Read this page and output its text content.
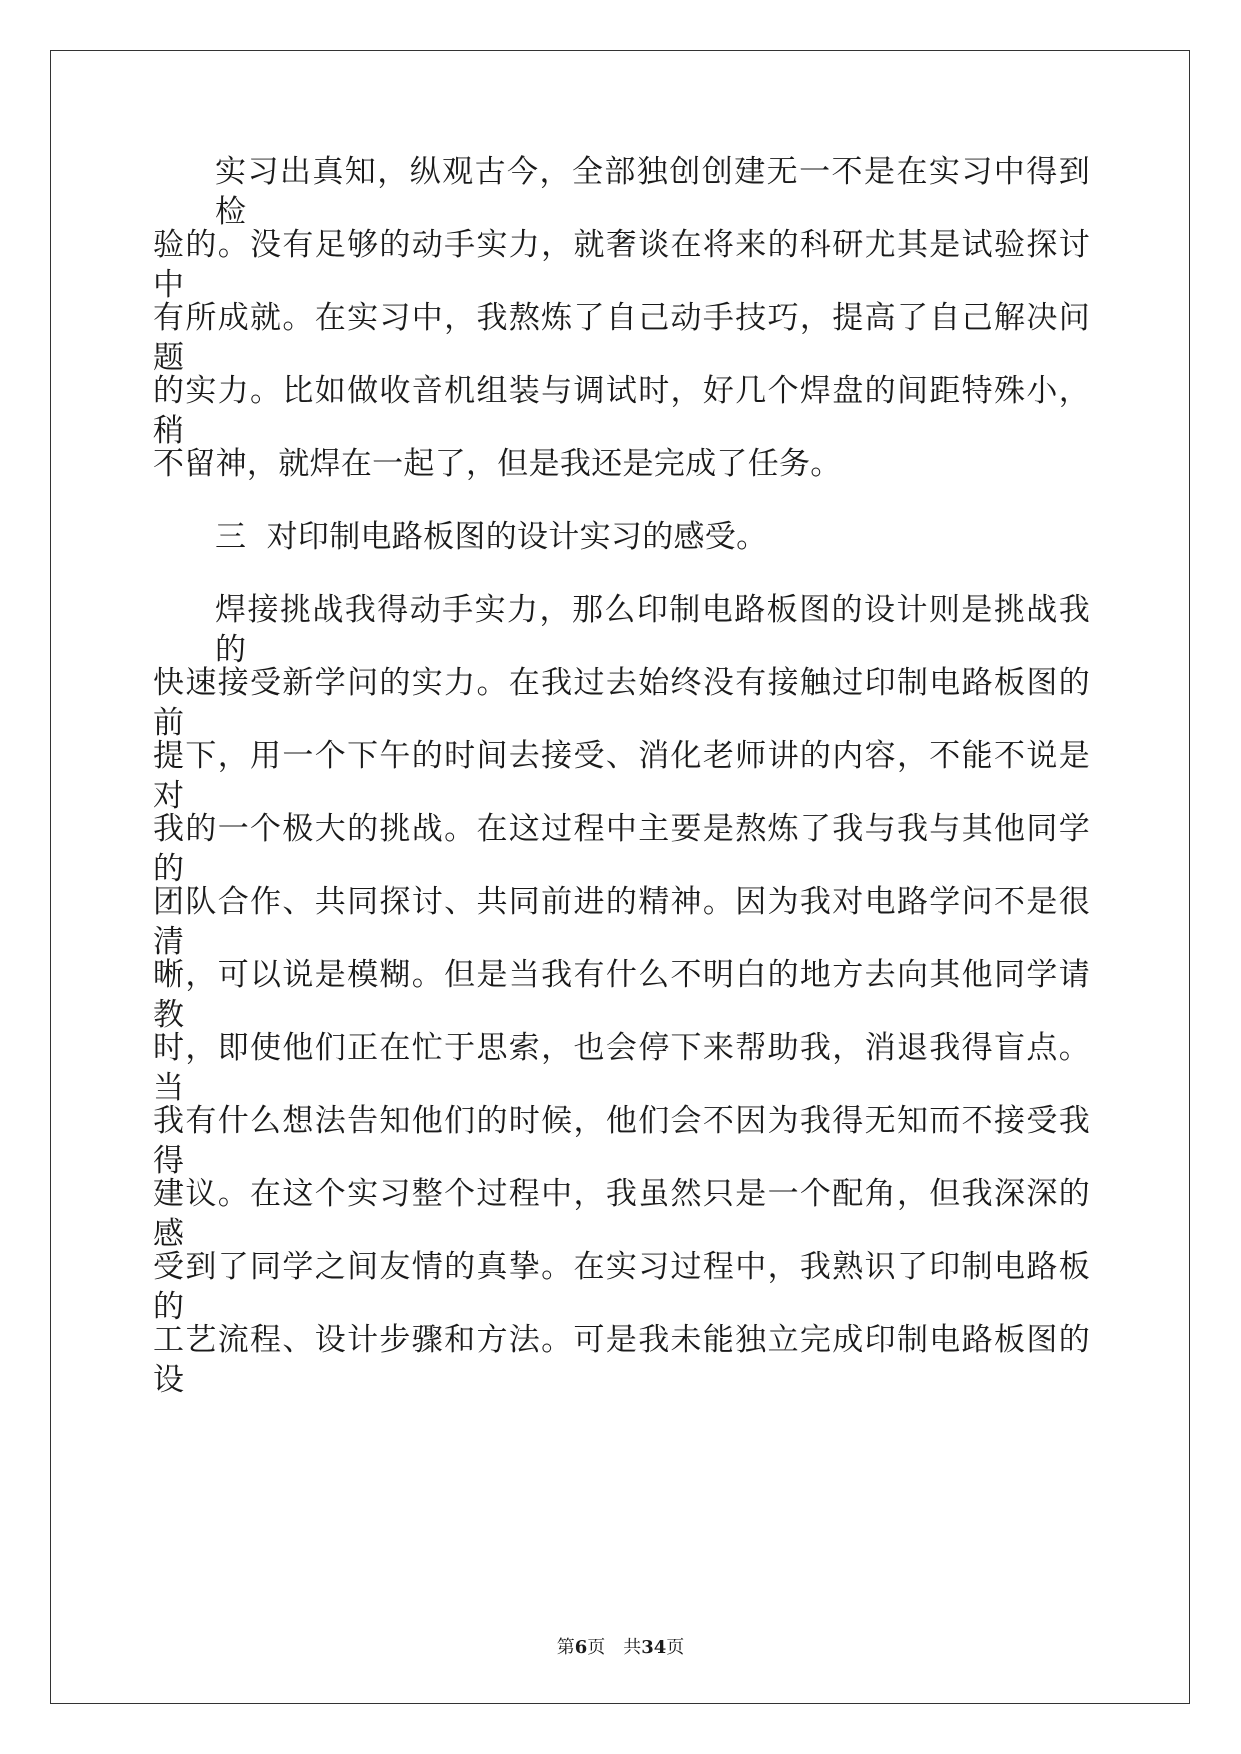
实习出真知，纵观古今，全部独创创建无一不是在实习中得到检
验的。没有足够的动手实力，就奢谈在将来的科研尤其是试验探讨中
有所成就。在实习中，我熬炼了自己动手技巧，提高了自己解决问题
的实力。比如做收音机组装与调试时，好几个焊盘的间距特殊小，稍
不留神，就焊在一起了，但是我还是完成了任务。
三  对印制电路板图的设计实习的感受。
焊接挑战我得动手实力，那么印制电路板图的设计则是挑战我的
快速接受新学问的实力。在我过去始终没有接触过印制电路板图的前
提下，用一个下午的时间去接受、消化老师讲的内容，不能不说是对
我的一个极大的挑战。在这过程中主要是熬炼了我与我与其他同学的
团队合作、共同探讨、共同前进的精神。因为我对电路学问不是很清
晰，可以说是模糊。但是当我有什么不明白的地方去向其他同学请教
时，即使他们正在忙于思索，也会停下来帮助我，消退我得盲点。当
我有什么想法告知他们的时候，他们会不因为我得无知而不接受我得
建议。在这个实习整个过程中，我虽然只是一个配角，但我深深的感
受到了同学之间友情的真挚。在实习过程中，我熟识了印制电路板的
工艺流程、设计步骤和方法。可是我未能独立完成印制电路板图的设
第6页 共34页
